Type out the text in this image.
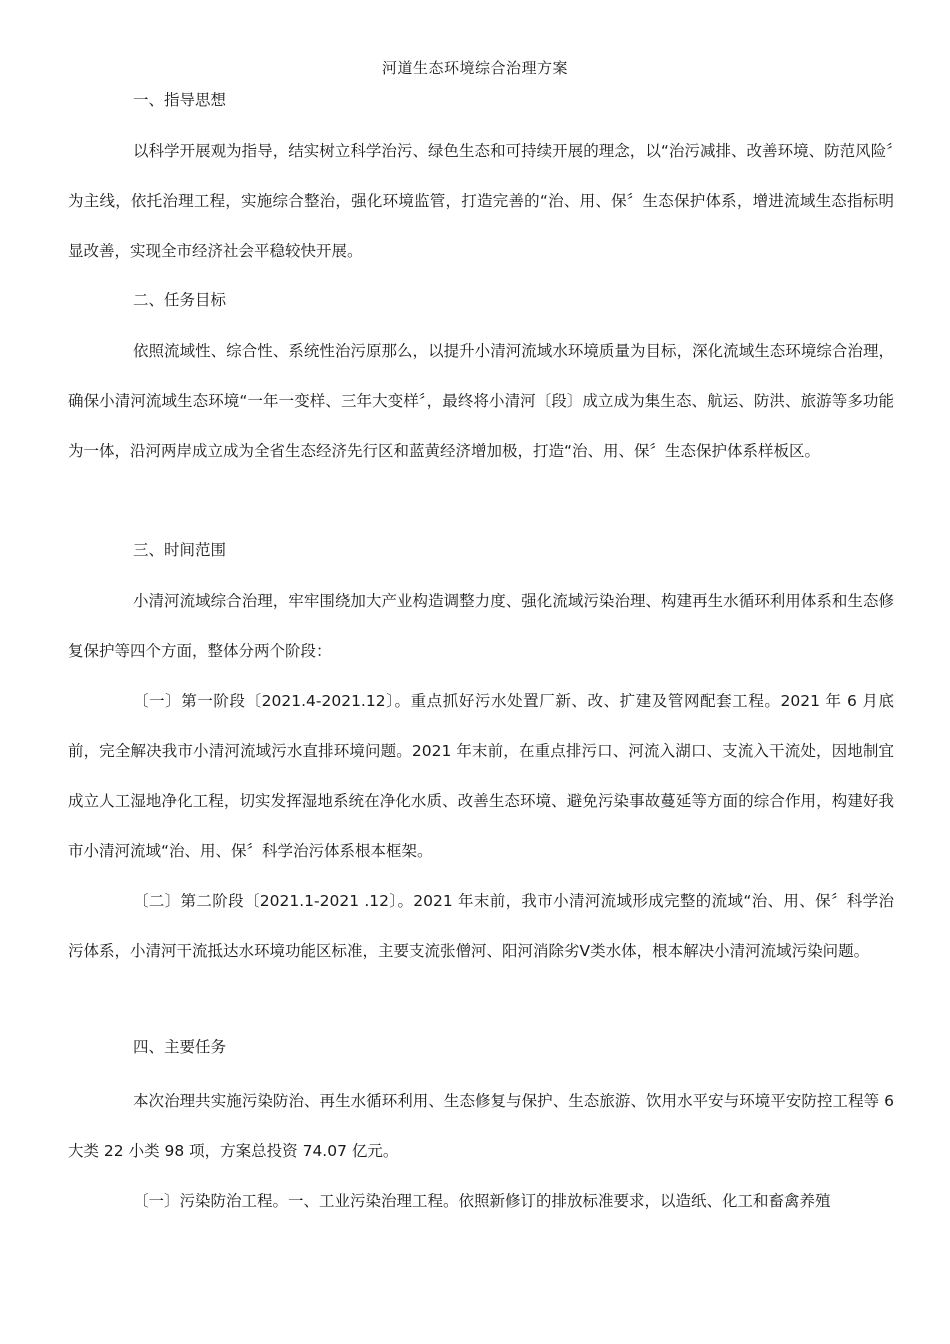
河道生态环境综合治理方案
一、指导思想

以科学开展观为指导，结实树立科学治污、绿色生态和可持续开展的理念，以“治污减排、改善环境、防范风险〞为主线，依托治理工程，实施综合整治，强化环境监管，打造完善的“治、用、保〞生态保护体系，增进流域生态指标明显改善，实现全市经济社会平稳较快开展。

二、任务目标

依照流域性、综合性、系统性治污原那么，以提升小清河流域水环境质量为目标，深化流域生态环境综合治理，确保小清河流域生态环境“一年一变样、三年大变样〞，最终将小清河〔段〕成立成为集生态、航运、防洪、旅游等多功能为一体，沿河两岸成立成为全省生态经济先行区和蓝黄经济增加极，打造“治、用、保〞生态保护体系样板区。

三、时间范围

小清河流域综合治理，牢牢围绕加大产业构造调整力度、强化流域污染治理、构建再生水循环利用体系和生态修复保护等四个方面，整体分两个阶段：

〔一〕第一阶段〔2021.4-2021.12〕。重点抓好污水处置厂新、改、扩建及管网配套工程。2021 年 6 月底前，完全解决我市小清河流域污水直排环境问题。2021 年末前，在重点排污口、河流入湖口、支流入干流处，因地制宜成立人工湿地净化工程，切实发挥湿地系统在净化水质、改善生态环境、避免污染事故蔓延等方面的综合作用，构建好我市小清河流域“治、用、保〞科学治污体系根本框架。

〔二〕第二阶段〔2021.1-2021 .12〕。2021 年末前，我市小清河流域形成完整的流域“治、用、保〞科学治污体系，小清河干流抵达水环境功能区标准，主要支流张僧河、阳河消除劣Ⅴ类水体，根本解决小清河流域污染问题。

四、主要任务

本次治理共实施污染防治、再生水循环利用、生态修复与保护、生态旅游、饮用水平安与环境平安防控工程等 6 大类 22 小类 98 项，方案总投资 74.07 亿元。

〔一〕污染防治工程。一、工业污染治理工程。依照新修订的排放标准要求，以造纸、化工和畜禽养殖
